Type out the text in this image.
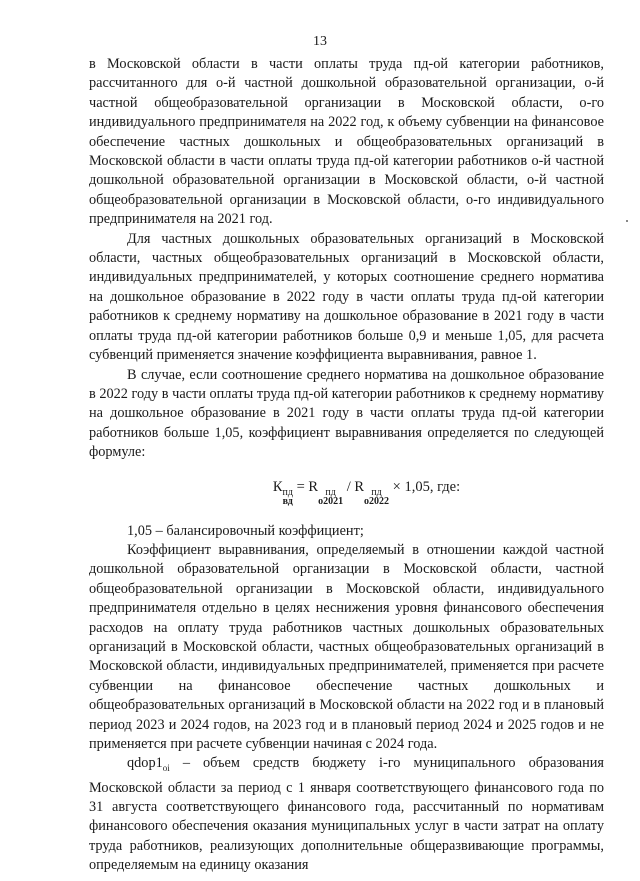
13

в Московской области в части оплаты труда пд-ой категории работников, рассчитанного для о-й частной дошкольной образовательной организации, о-й частной общеобразовательной организации в Московской области, о-го индивидуального предпринимателя на 2022 год, к объему субвенции на финансовое обеспечение частных дошкольных и общеобразовательных организаций в Московской области в части оплаты труда пд-ой категории работников о-й частной дошкольной образовательной организации в Московской области, о-й частной общеобразовательной организации в Московской области, о-го индивидуального предпринимателя на 2021 год.

Для частных дошкольных образовательных организаций в Московской области, частных общеобразовательных организаций в Московской области, индивидуальных предпринимателей, у которых соотношение среднего норматива на дошкольное образование в 2022 году в части оплаты труда пд-ой категории работников к среднему нормативу на дошкольное образование в 2021 году в части оплаты труда пд-ой категории работников больше 0,9 и меньше 1,05, для расчета субвенций применяется значение коэффициента выравнивания, равное 1.

В случае, если соотношение среднего норматива на дошкольное образование в 2022 году в части оплаты труда пд-ой категории работников к среднему нормативу на дошкольное образование в 2021 году в части оплаты труда пд-ой категории работников больше 1,05, коэффициент выравнивания определяется по следующей формуле:

К пд
вд
= R пд
о2021
/ R пд
о2022
× 1,05, где:

1,05 – балансировочный коэффициент;

Коэффициент выравнивания, определяемый в отношении каждой частной дошкольной образовательной организации в Московской области, частной общеобразовательной организации в Московской области, индивидуального предпринимателя отдельно в целях неснижения уровня финансового обеспечения расходов на оплату труда работников частных дошкольных образовательных организаций в Московской области, частных общеобразовательных организаций в Московской области, индивидуальных предпринимателей, применяется при расчете субвенции на финансовое обеспечение частных дошкольных и общеобразовательных организаций в Московской области на 2022 год и в плановый период 2023 и 2024 годов, на 2023 год и в плановый период 2024 и 2025 годов и не применяется при расчете субвенции начиная с 2024 года.

$qdop1_{oi}$ – объем средств бюджету i-го муниципального образования Московской области за период с 1 января соответствующего финансового года по 31 августа соответствующего финансового года, рассчитанный по нормативам финансового обеспечения оказания муниципальных услуг в части затрат на оплату труда работников, реализующих дополнительные общеразвивающие программы, определяемым на единицу оказания
